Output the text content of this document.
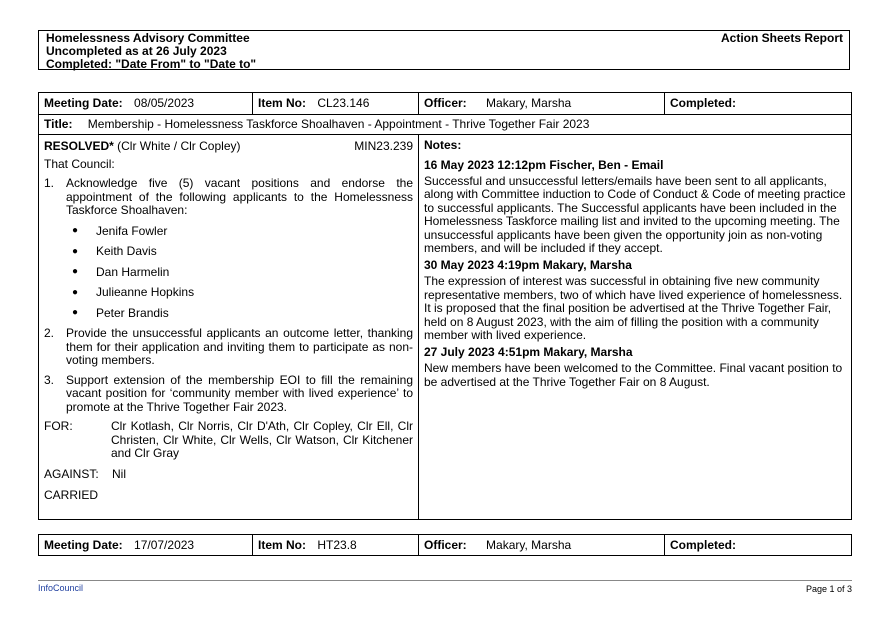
Homelessness Advisory Committee
Uncompleted as at 26 July 2023
Completed: "Date From" to "Date to"
Action Sheets Report
Meeting Date: 08/05/2023	Item No: CL23.146	Officer: Makary, Marsha	Completed:
Title: Membership - Homelessness Taskforce Shoalhaven - Appointment - Thrive Together Fair 2023
RESOLVED* (Clr White / Clr Copley)	MIN23.239

That Council:

1. Acknowledge five (5) vacant positions and endorse the appointment of the following applicants to the Homelessness Taskforce Shoalhaven:
●	Jenifa Fowler
●	Keith Davis
●	Dan Harmelin
●	Julieanne Hopkins
●	Peter Brandis
2. Provide the unsuccessful applicants an outcome letter, thanking them for their application and inviting them to participate as non-voting members.
3. Support extension of the membership EOI to fill the remaining vacant position for ‘community member with lived experience’ to promote at the Thrive Together Fair 2023.
FOR:	Clr Kotlash, Clr Norris, Clr D'Ath, Clr Copley, Clr Ell, Clr Christen, Clr White, Clr Wells, Clr Watson, Clr Kitchener and Clr Gray
AGAINST:	Nil

CARRIED

Notes:

16 May 2023 12:12pm Fischer, Ben - Email

Successful and unsuccessful letters/emails have been sent to all applicants, along with Committee induction to Code of Conduct & Code of meeting practice to successful applicants. The Successful applicants have been included in the Homelessness Taskforce mailing list and invited to the upcoming meeting. The unsuccessful applicants have been given the opportunity join as non-voting members, and will be included if they accept.

30 May 2023 4:19pm Makary, Marsha

The expression of interest was successful in obtaining five new community representative members, two of which have lived experience of homelessness. It is proposed that the final position be advertised at the Thrive Together Fair, held on 8 August 2023, with the aim of filling the position with a community member with lived experience.

27 July 2023 4:51pm Makary, Marsha

New members have been welcomed to the Committee. Final vacant position to be advertised at the Thrive Together Fair on 8 August.

Meeting Date: 17/07/2023	Item No: HT23.8	Officer: Makary, Marsha	Completed:
InfoCouncil	Page 1 of 3
